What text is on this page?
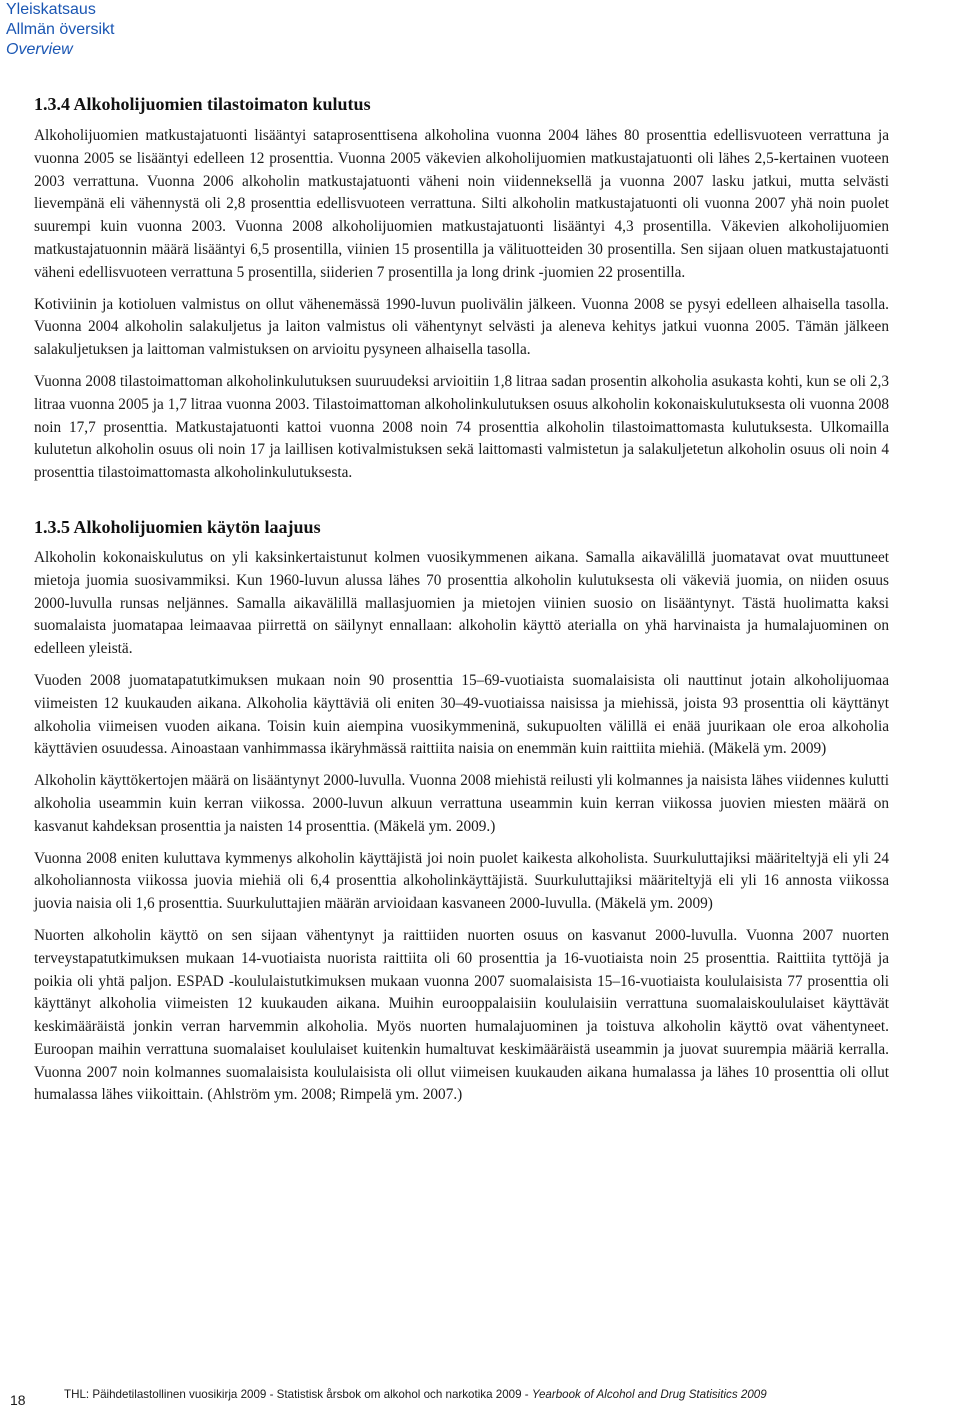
Yleiskatsaus
Allmän översikt
Overview
1.3.4 Alkoholijuomien tilastoimaton kulutus

Alkoholijuomien matkustajatuonti lisääntyi sataprosenttisena alkoholina vuonna 2004 lähes 80 prosenttia edellisvuoteen verrattuna ja vuonna 2005 se lisääntyi edelleen 12 prosenttia. Vuonna 2005 väkevien alkoholijuomien matkustajatuonti oli lähes 2,5-kertainen vuoteen 2003 verrattuna. Vuonna 2006 alkoholin matkustajatuonti väheni noin viidenneksellä ja vuonna 2007 lasku jatkui, mutta selvästi lievempänä eli vähennystä oli 2,8 prosenttia edellisvuoteen verrattuna. Silti alkoholin matkustajatuonti oli vuonna 2007 yhä noin puolet suurempi kuin vuonna 2003. Vuonna 2008 alkoholijuomien matkustajatuonti lisääntyi 4,3 prosentilla. Väkevien alkoholijuomien matkustajatuonnin määrä lisääntyi 6,5 prosentilla, viinien 15 prosentilla ja välituotteiden 30 prosentilla. Sen sijaan oluen matkustajatuonti väheni edellisvuoteen verrattuna 5 prosentilla, siiderien 7 prosentilla ja long drink -juomien 22 prosentilla.

Kotiviinin ja kotioluen valmistus on ollut vähenemässä 1990-luvun puolivälin jälkeen. Vuonna 2008 se pysyi edelleen alhaisella tasolla. Vuonna 2004 alkoholin salakuljetus ja laiton valmistus oli vähentynyt selvästi ja aleneva kehitys jatkui vuonna 2005. Tämän jälkeen salakuljetuksen ja laittoman valmistuksen on arvioitu pysyneen alhaisella tasolla.

Vuonna 2008 tilastoimattoman alkoholinkulutuksen suuruudeksi arvioitiin 1,8 litraa sadan prosentin alkoholia asukasta kohti, kun se oli 2,3 litraa vuonna 2005 ja 1,7 litraa vuonna 2003. Tilastoimattoman alkoholinkulutuksen osuus alkoholin kokonaiskulutuksesta oli vuonna 2008 noin 17,7 prosenttia. Matkustajatuonti kattoi vuonna 2008 noin 74 prosenttia alkoholin tilastoimattomasta kulutuksesta. Ulkomailla kulutetun alkoholin osuus oli noin 17 ja laillisen kotivalmistuksen sekä laittomasti valmistetun ja salakuljetetun alkoholin osuus oli noin 4 prosenttia tilastoimattomasta alkoholinkulutuksesta.

1.3.5 Alkoholijuomien käytön laajuus

Alkoholin kokonaiskulutus on yli kaksinkertaistunut kolmen vuosikymmenen aikana. Samalla aikavälillä juomatavat ovat muuttuneet mietoja juomia suosivammiksi. Kun 1960-luvun alussa lähes 70 prosenttia alkoholin kulutuksesta oli väkeviä juomia, on niiden osuus 2000-luvulla runsas neljännes. Samalla aikavälillä mallasjuomien ja mietojen viinien suosio on lisääntynyt. Tästä huolimatta kaksi suomalaista juomatapaa leimaavaa piirrettä on säilynyt ennallaan: alkoholin käyttö aterialla on yhä harvinaista ja humalajuominen on edelleen yleistä.

Vuoden 2008 juomatapatutkimuksen mukaan noin 90 prosenttia 15–69-vuotiaista suomalaisista oli nauttinut jotain alkoholijuomaa viimeisten 12 kuukauden aikana. Alkoholia käyttäviä oli eniten 30–49-vuotiaissa naisissa ja miehissä, joista 93 prosenttia oli käyttänyt alkoholia viimeisen vuoden aikana. Toisin kuin aiempina vuosikymmeninä, sukupuolten välillä ei enää juurikaan ole eroa alkoholia käyttävien osuudessa. Ainoastaan vanhimmassa ikäryhmässä raittiita naisia on enemmän kuin raittiita miehiä. (Mäkelä ym. 2009)

Alkoholin käyttökertojen määrä on lisääntynyt 2000-luvulla. Vuonna 2008 miehistä reilusti yli kolmannes ja naisista lähes viidennes kulutti alkoholia useammin kuin kerran viikossa. 2000-luvun alkuun verrattuna useammin kuin kerran viikossa juovien miesten määrä on kasvanut kahdeksan prosenttia ja naisten 14 prosenttia. (Mäkelä ym. 2009.)

Vuonna 2008 eniten kuluttava kymmenys alkoholin käyttäjistä joi noin puolet kaikesta alkoholista. Suurkuluttajiksi määriteltyjä eli yli 24 alkoholiannosta viikossa juovia miehiä oli 6,4 prosenttia alkoholinkäyttäjistä. Suurkuluttajiksi määriteltyjä eli yli 16 annosta viikossa juovia naisia oli 1,6 prosenttia. Suurkuluttajien määrän arvioidaan kasvaneen 2000-luvulla. (Mäkelä ym. 2009)

Nuorten alkoholin käyttö on sen sijaan vähentynyt ja raittiiden nuorten osuus on kasvanut 2000-luvulla. Vuonna 2007 nuorten terveystapatutkimuksen mukaan 14-vuotiaista nuorista raittiita oli 60 prosenttia ja 16-vuotiaista noin 25 prosenttia. Raittiita tyttöjä ja poikia oli yhtä paljon. ESPAD -koululaistutkimuksen mukaan vuonna 2007 suomalaisista 15–16-vuotiaista koululaisista 77 prosenttia oli käyttänyt alkoholia viimeisten 12 kuukauden aikana. Muihin eurooppalaisiin koululaisiin verrattuna suomalaiskoululaiset käyttävät keskimääräistä jonkin verran harvemmin alkoholia. Myös nuorten humalajuominen ja toistuva alkoholin käyttö ovat vähentyneet. Euroopan maihin verrattuna suomalaiset koululaiset kuitenkin humaltuvat keskimääräistä useammin ja juovat suurempia määriä kerralla. Vuonna 2007 noin kolmannes suomalaisista koululaisista oli ollut viimeisen kuukauden aikana humalassa ja lähes 10 prosenttia oli ollut humalassa lähes viikoittain. (Ahlström ym. 2008; Rimpelä ym. 2007.)

18	THL: Päihdetilastollinen vuosikirja 2009 - Statistisk årsbok om alkohol och narkotika 2009 - Yearbook of Alcohol and Drug Statisitics 2009
